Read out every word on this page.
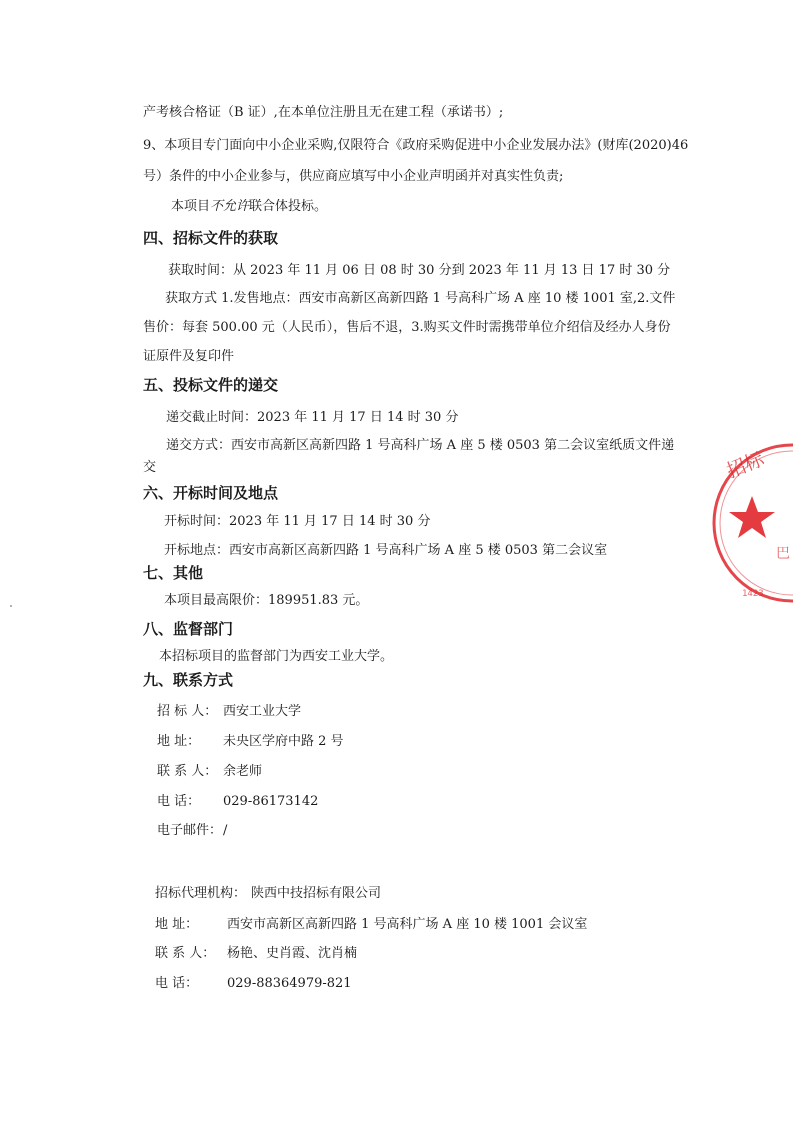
产考核合格证（B 证）,在本单位注册且无在建工程（承诺书）;
9、本项目专门面向中小企业采购,仅限符合《政府采购促进中小企业发展办法》(财库(2020)46
号）条件的中小企业参与，供应商应填写中小企业声明函并对真实性负责;
本项目不允许联合体投标。
四、招标文件的获取
获取时间：从 2023 年 11 月 06 日 08 时 30 分到 2023 年 11 月 13 日 17 时 30 分
获取方式 1.发售地点：西安市高新区高新四路 1 号高科广场 A 座 10 楼 1001 室,2.文件
售价：每套 500.00 元（人民币），售后不退，3.购买文件时需携带单位介绍信及经办人身份
证原件及复印件
五、投标文件的递交
递交截止时间：2023 年 11 月 17 日 14 时 30 分
递交方式：西安市高新区高新四路 1 号高科广场 A 座 5 楼 0503 第二会议室纸质文件递
交
六、开标时间及地点
开标时间：2023 年 11 月 17 日 14 时 30 分
开标地点：西安市高新区高新四路 1 号高科广场 A 座 5 楼 0503 第二会议室
七、其他
本项目最高限价：189951.83 元。
八、监督部门
本招标项目的监督部门为西安工业大学。
九、联系方式
招 标 人： 西安工业大学
地 址： 未央区学府中路 2 号
联 系 人： 余老师
电 话： 029-86173142
电子邮件：/
招标代理机构： 陕西中技招标有限公司
地 址： 西安市高新区高新四路 1 号高科广场 A 座 10 楼 1001 会议室
联 系 人： 杨艳、史肖霞、沈肖楠
电 话： 029-88364979-821
招标
巴
1423
